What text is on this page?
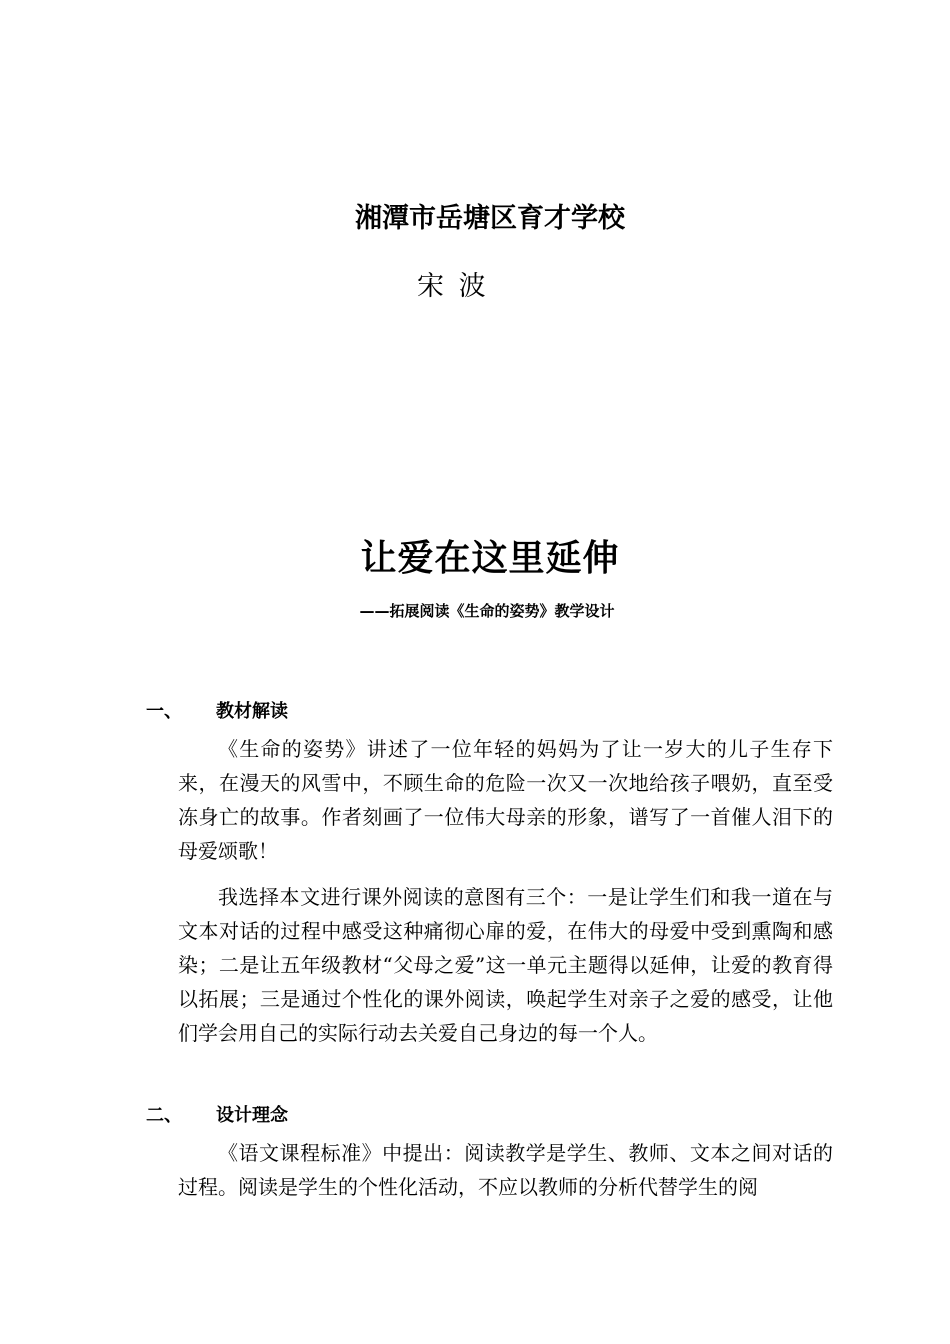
湘潭市岳塘区育才学校
宋 波
让爱在这里延伸
——拓展阅读《生命的姿势》教学设计
一、 教材解读

《生命的姿势》讲述了一位年轻的妈妈为了让一岁大的儿子生存下来，在漫天的风雪中，不顾生命的危险一次又一次地给孩子喂奶，直至受冻身亡的故事。作者刻画了一位伟大母亲的形象，谱写了一首催人泪下的母爱颂歌！

我选择本文进行课外阅读的意图有三个：一是让学生们和我一道在与文本对话的过程中感受这种痛彻心扉的爱，在伟大的母爱中受到熏陶和感染；二是让五年级教材“父母之爱”这一单元主题得以延伸，让爱的教育得以拓展；三是通过个性化的课外阅读，唤起学生对亲子之爱的感受，让他们学会用自己的实际行动去关爱自己身边的每一个人。

二、 设计理念

《语文课程标准》中提出：阅读教学是学生、教师、文本之间对话的过程。阅读是学生的个性化活动，不应以教师的分析代替学生的阅
